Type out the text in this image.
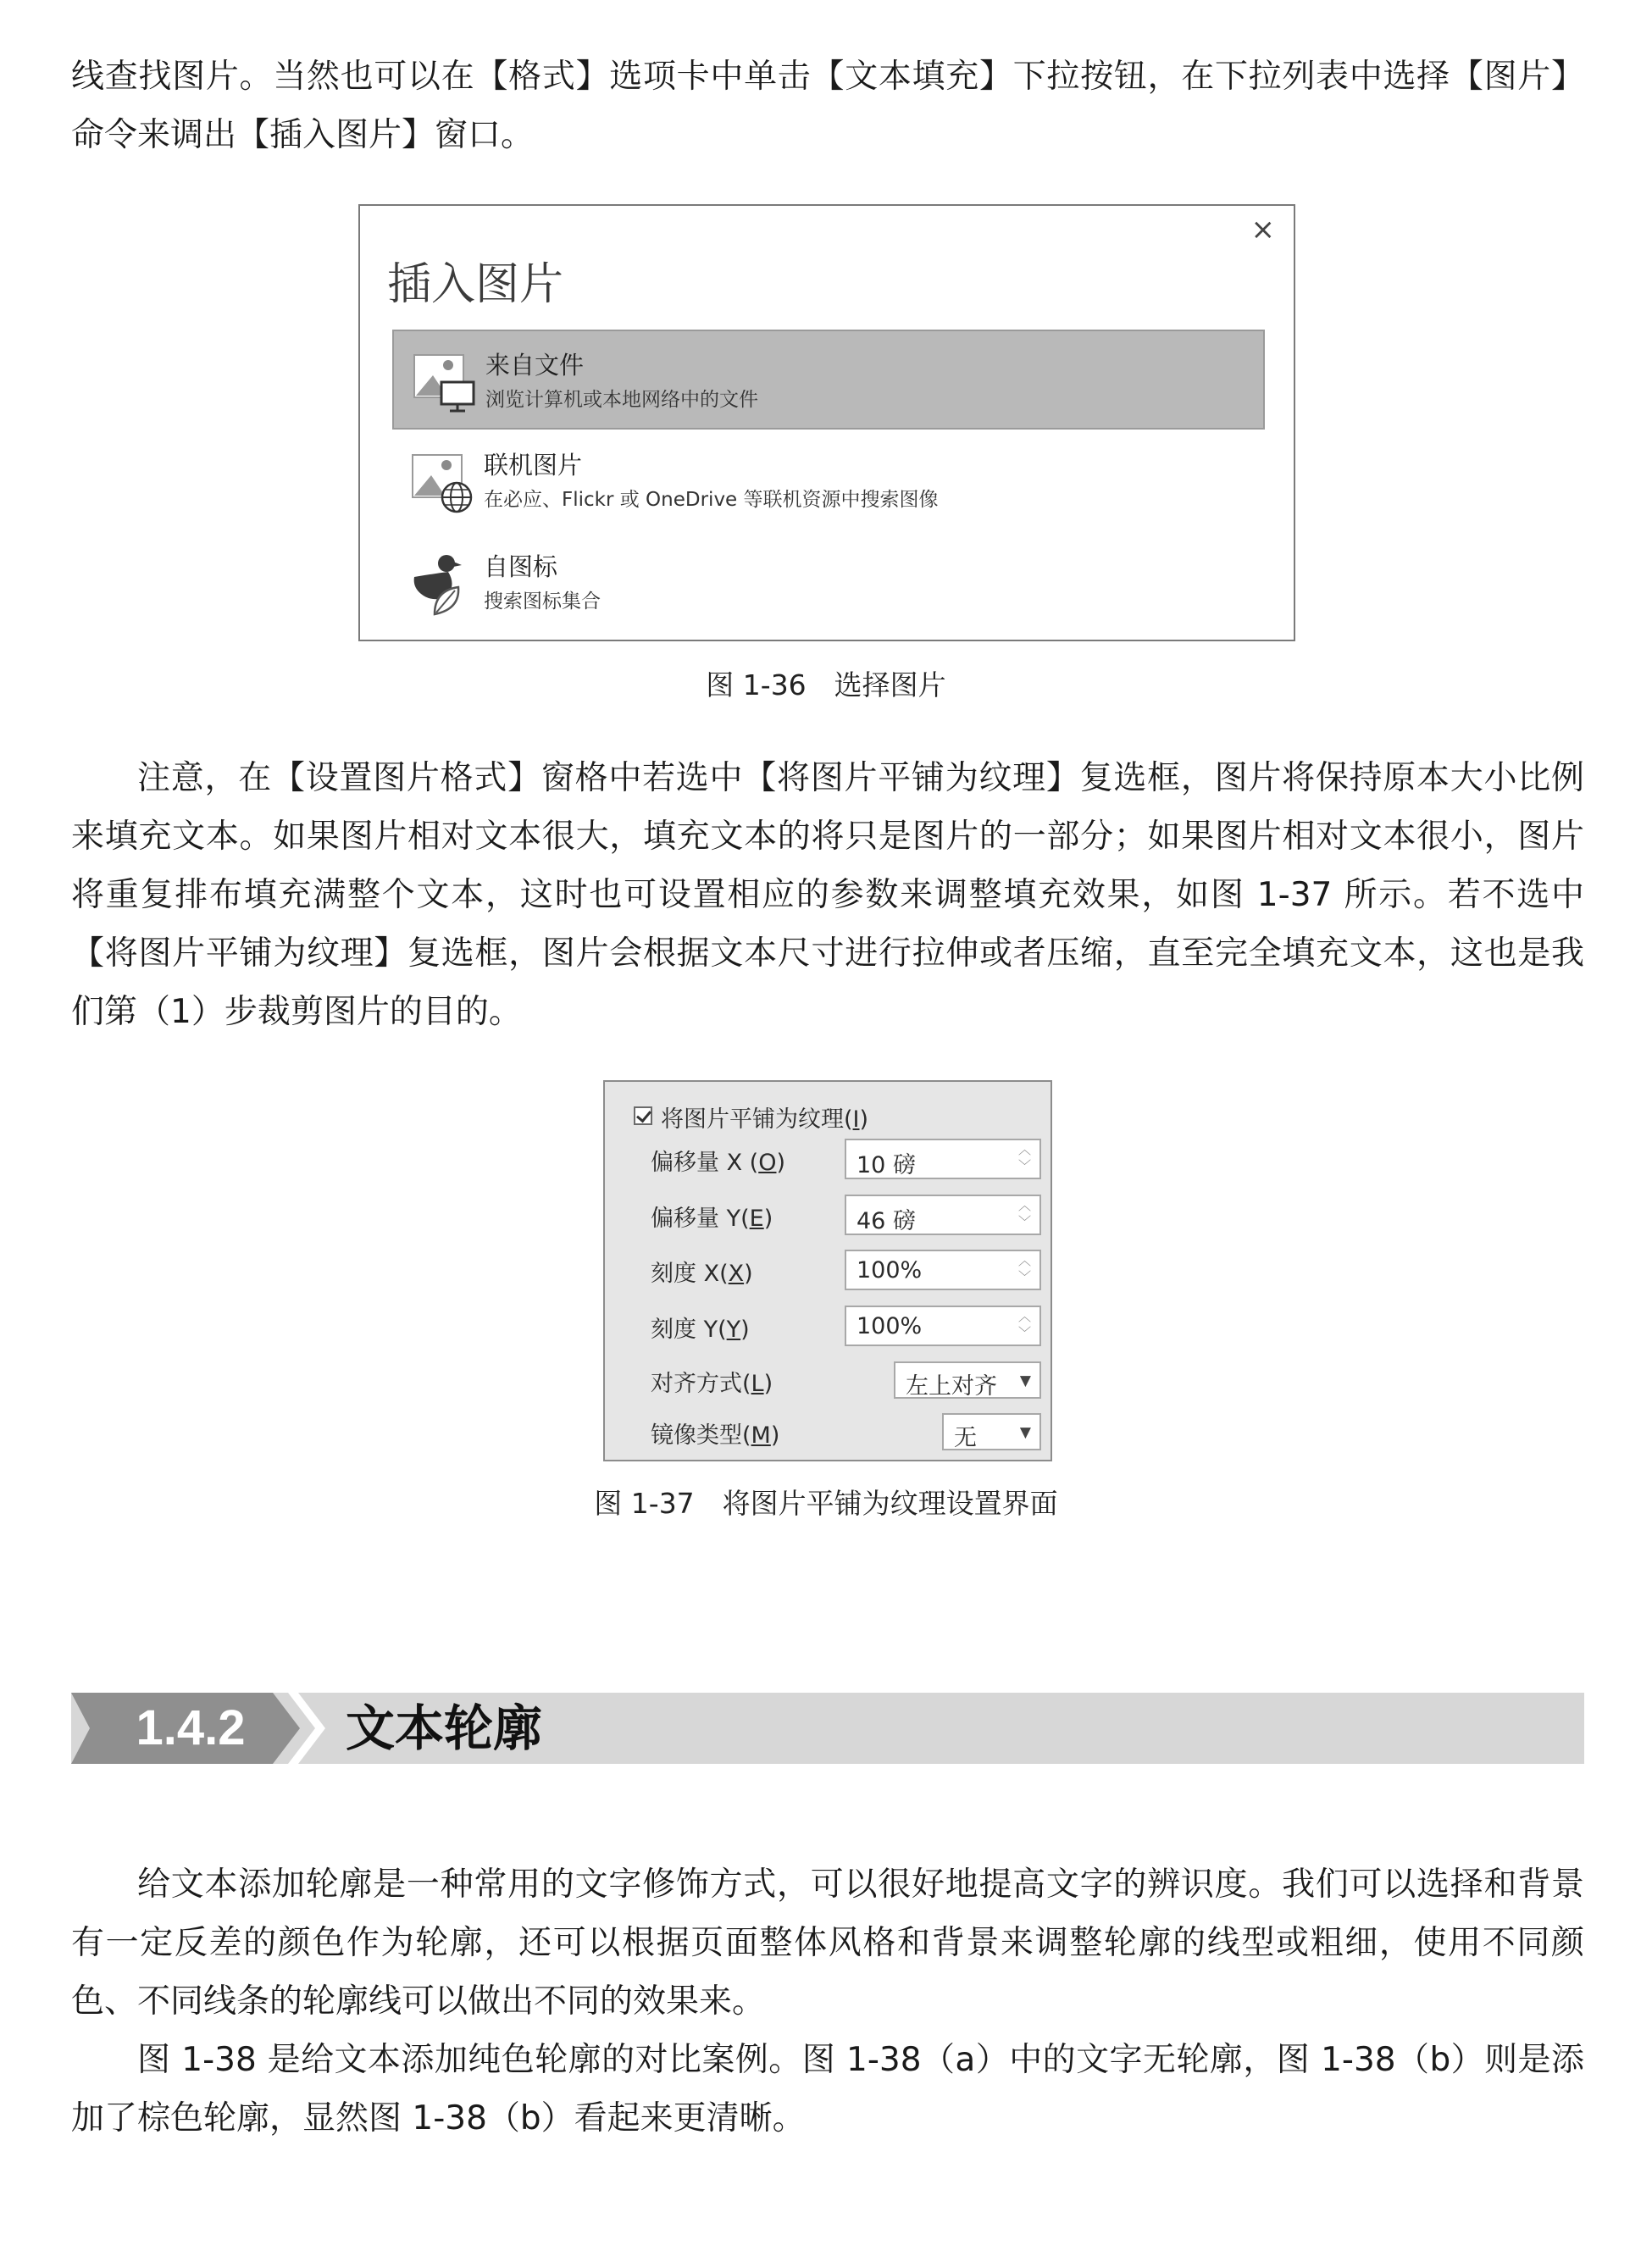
线查找图片。当然也可以在【格式】选项卡中单击【文本填充】下拉按钮，在下拉列表中选择【图片】命令来调出【插入图片】窗口。

×
插入图片
来自文件
浏览计算机或本地网络中的文件
联机图片
在必应、Flickr 或 OneDrive 等联机资源中搜索图像
自图标
搜索图标集合
图 1-36　选择图片

注意，在【设置图片格式】窗格中若选中【将图片平铺为纹理】复选框，图片将保持原本大小比例来填充文本。如果图片相对文本很大，填充文本的将只是图片的一部分；如果图片相对文本很小，图片将重复排布填充满整个文本，这时也可设置相应的参数来调整填充效果，如图 1-37 所示。若不选中【将图片平铺为纹理】复选框，图片会根据文本尺寸进行拉伸或者压缩，直至完全填充文本，这也是我们第（1）步裁剪图片的目的。

将图片平铺为纹理(I)
偏移量 X (O)	10 磅
︿
﹀
偏移量 Y(E)	46 磅
︿
﹀
刻度 X(X)	100%	︿
﹀
刻度 Y(Y)	100%	︿
﹀
对齐方式(L)	左上对齐 ▼
镜像类型(M)	无	▼
图 1-37　将图片平铺为纹理设置界面
1.4.2	文本轮廓

给文本添加轮廓是一种常用的文字修饰方式，可以很好地提高文字的辨识度。我们可以选择和背景有一定反差的颜色作为轮廓，还可以根据页面整体风格和背景来调整轮廓的线型或粗细，使用不同颜色、不同线条的轮廓线可以做出不同的效果来。

图 1-38 是给文本添加纯色轮廓的对比案例。图 1-38（a）中的文字无轮廓，图 1-38（b）则是添加了棕色轮廓，显然图 1-38（b）看起来更清晰。
